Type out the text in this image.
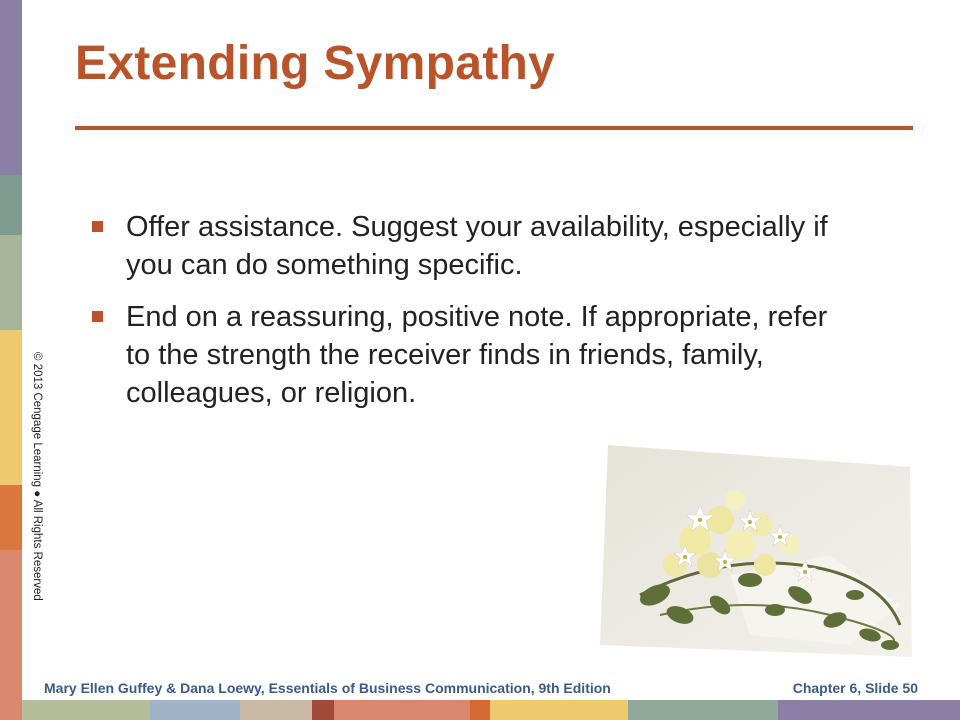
Extending Sympathy
Offer assistance. Suggest your availability, especially if you can do something specific.
End on a reassuring, positive note. If appropriate, refer to the strength the receiver finds in friends, family, colleagues, or religion.
© 2013 Cengage Learning ● All Rights Reserved
Mary Ellen Guffey & Dana Loewy, Essentials of Business Communication, 9th Edition	Chapter 6, Slide 50
